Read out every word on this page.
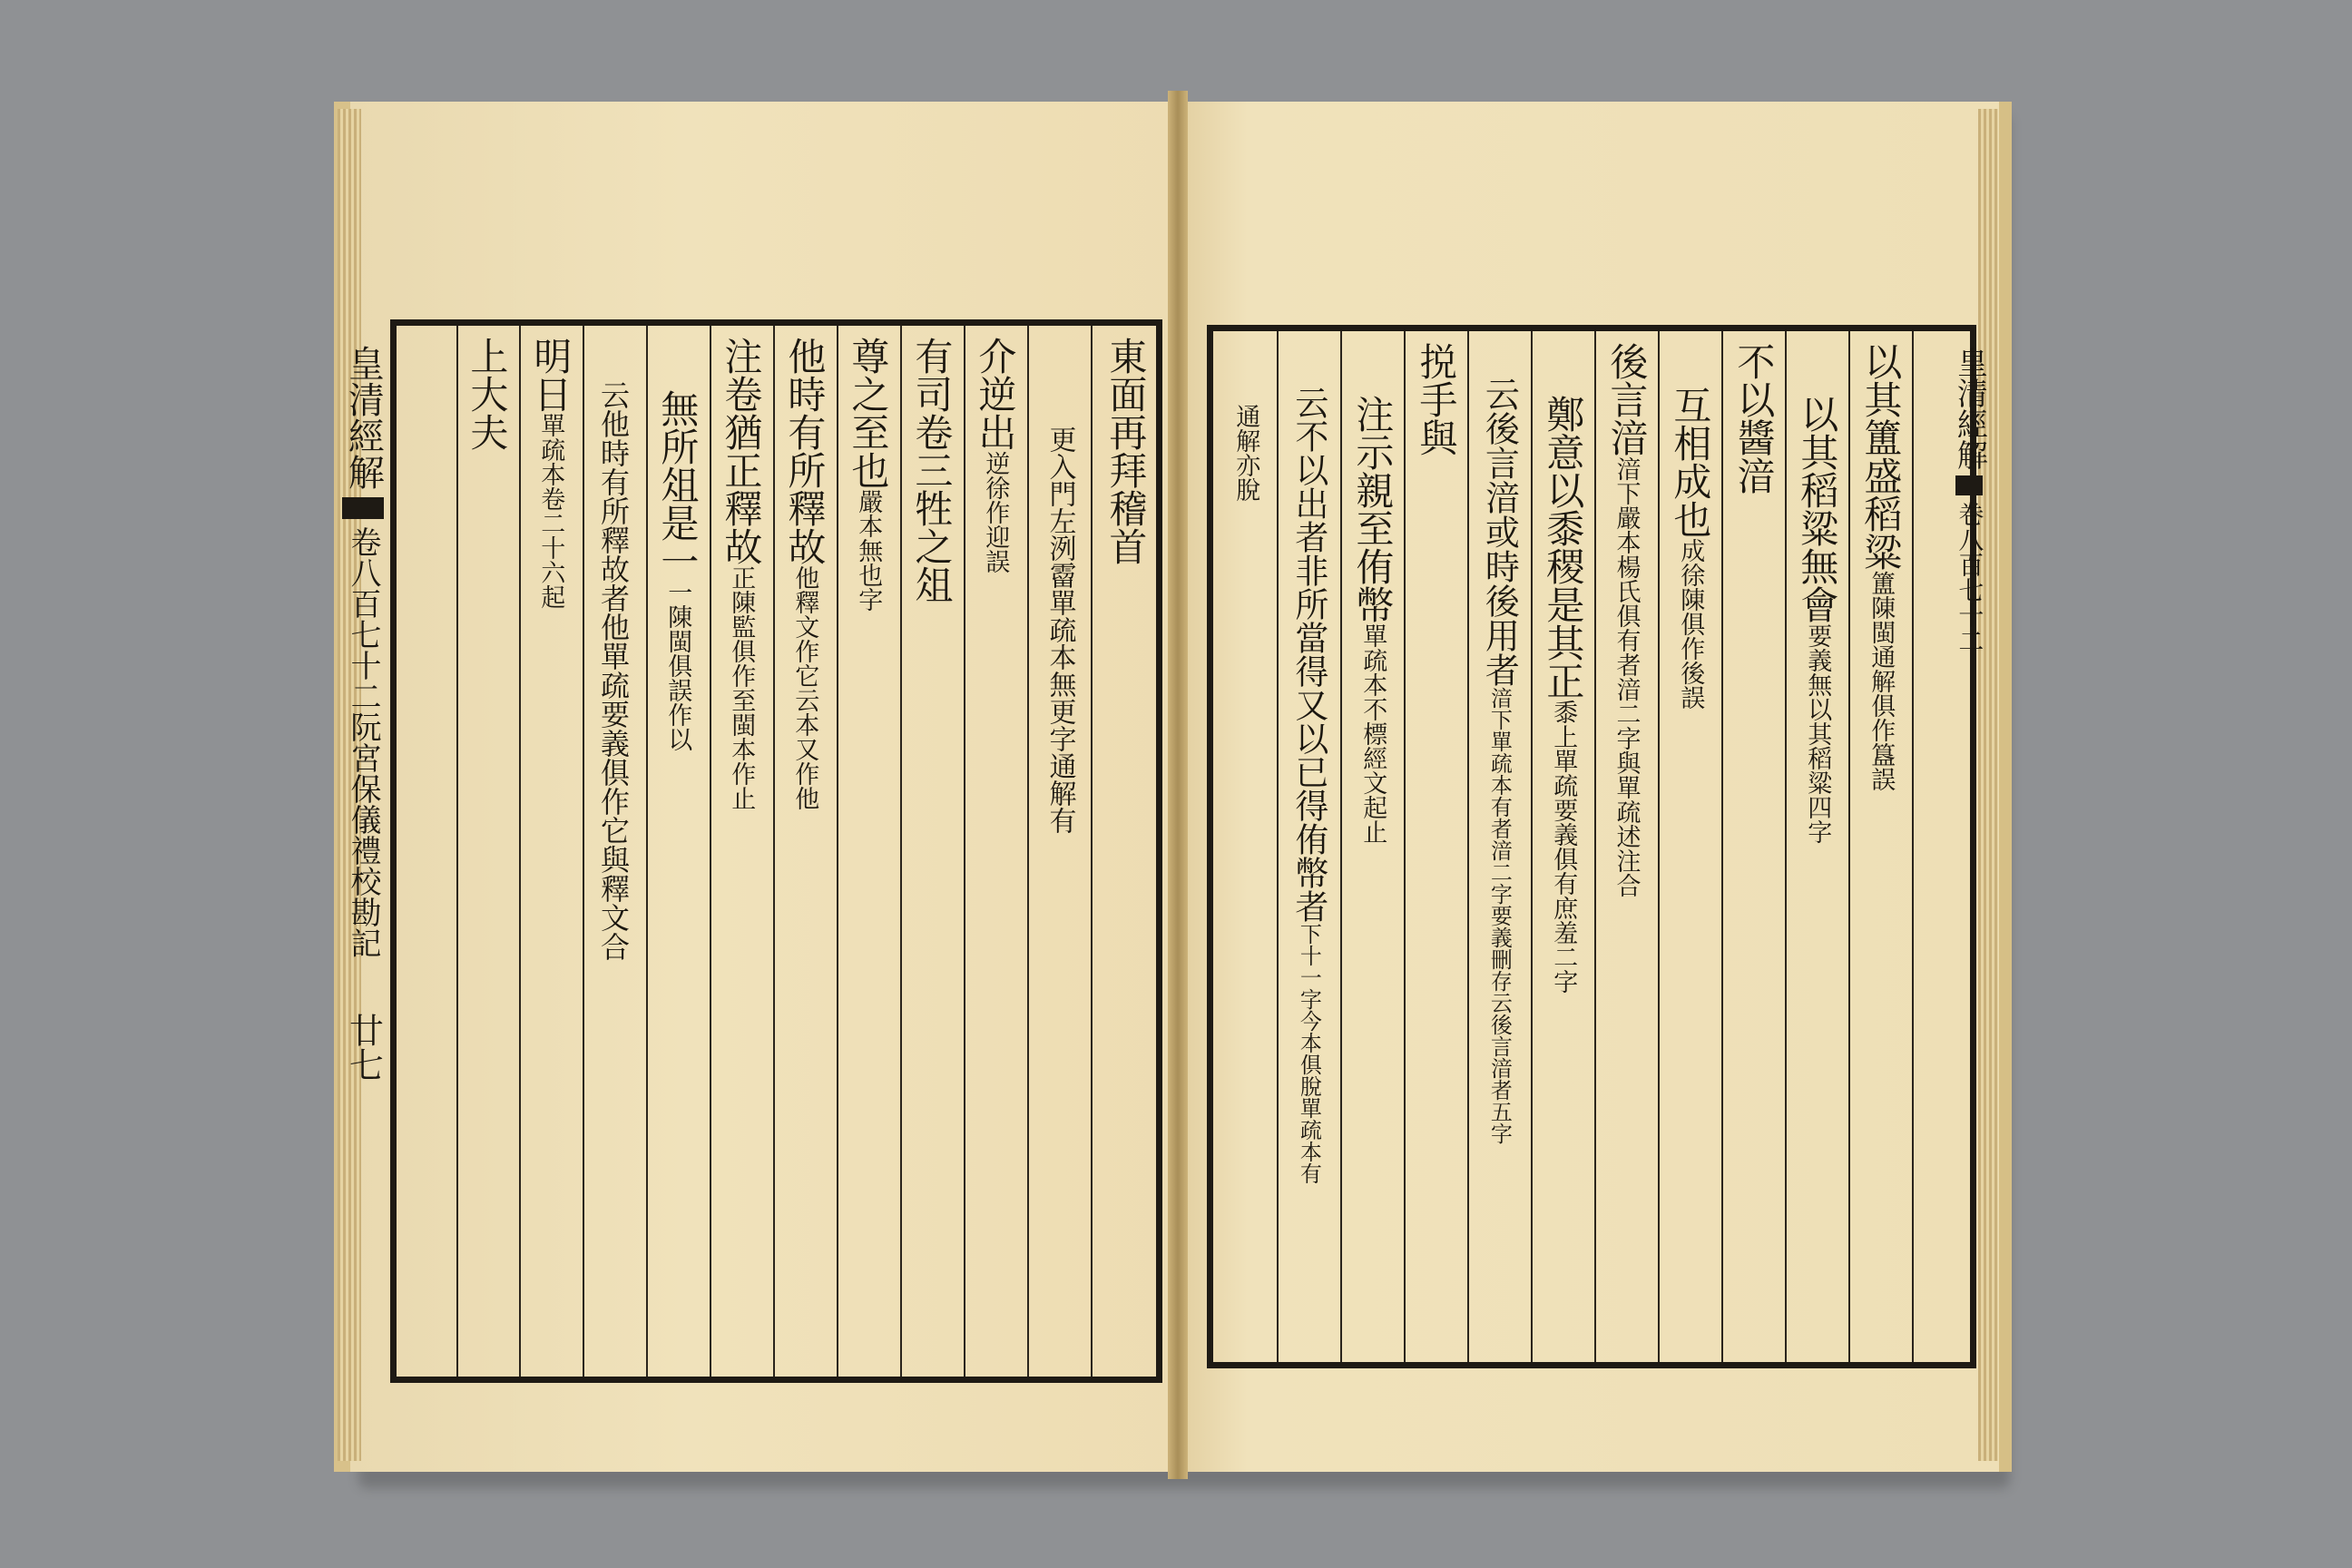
東面再拜稽首
更入門左洌霤單疏本無更字通解有
介逆出
逆徐作迎誤
有司卷三牲之俎
尊之至也
嚴本無也字
他時有所釋故
他釋文作它云本又作他
注卷猶正釋故
正陳監俱作至閩本作止
無所俎是一
一陳閩俱誤作以
云他時有所釋故者他單疏要義俱作它與釋文合
明日
單疏本卷二十六起
上大夫
皇清經解
卷八百七十二
阮宮保儀禮校勘記
廿七
以其簠盛稻粱
簠陳閩通解俱作簋誤
以其稻粱無會
要義無以其稻粱四字
不以醬湆
互相成也
成徐陳俱作後誤
後言湆
湆下嚴本楊氏俱有者湆二字與單疏述注合
鄭意以黍稷是其正
黍上單疏要義俱有庶羞二字
云後言湆或時後用者
湆下單疏本有者湆二字要義刪存云後言湆者五字
捝手與
注示親至侑幣
單疏本不標經文起止
云不以出者非所當得又以已得侑幣者
下十一字今本俱脫單疏本有
通解亦脫	皇清經解
卷八百七十二
